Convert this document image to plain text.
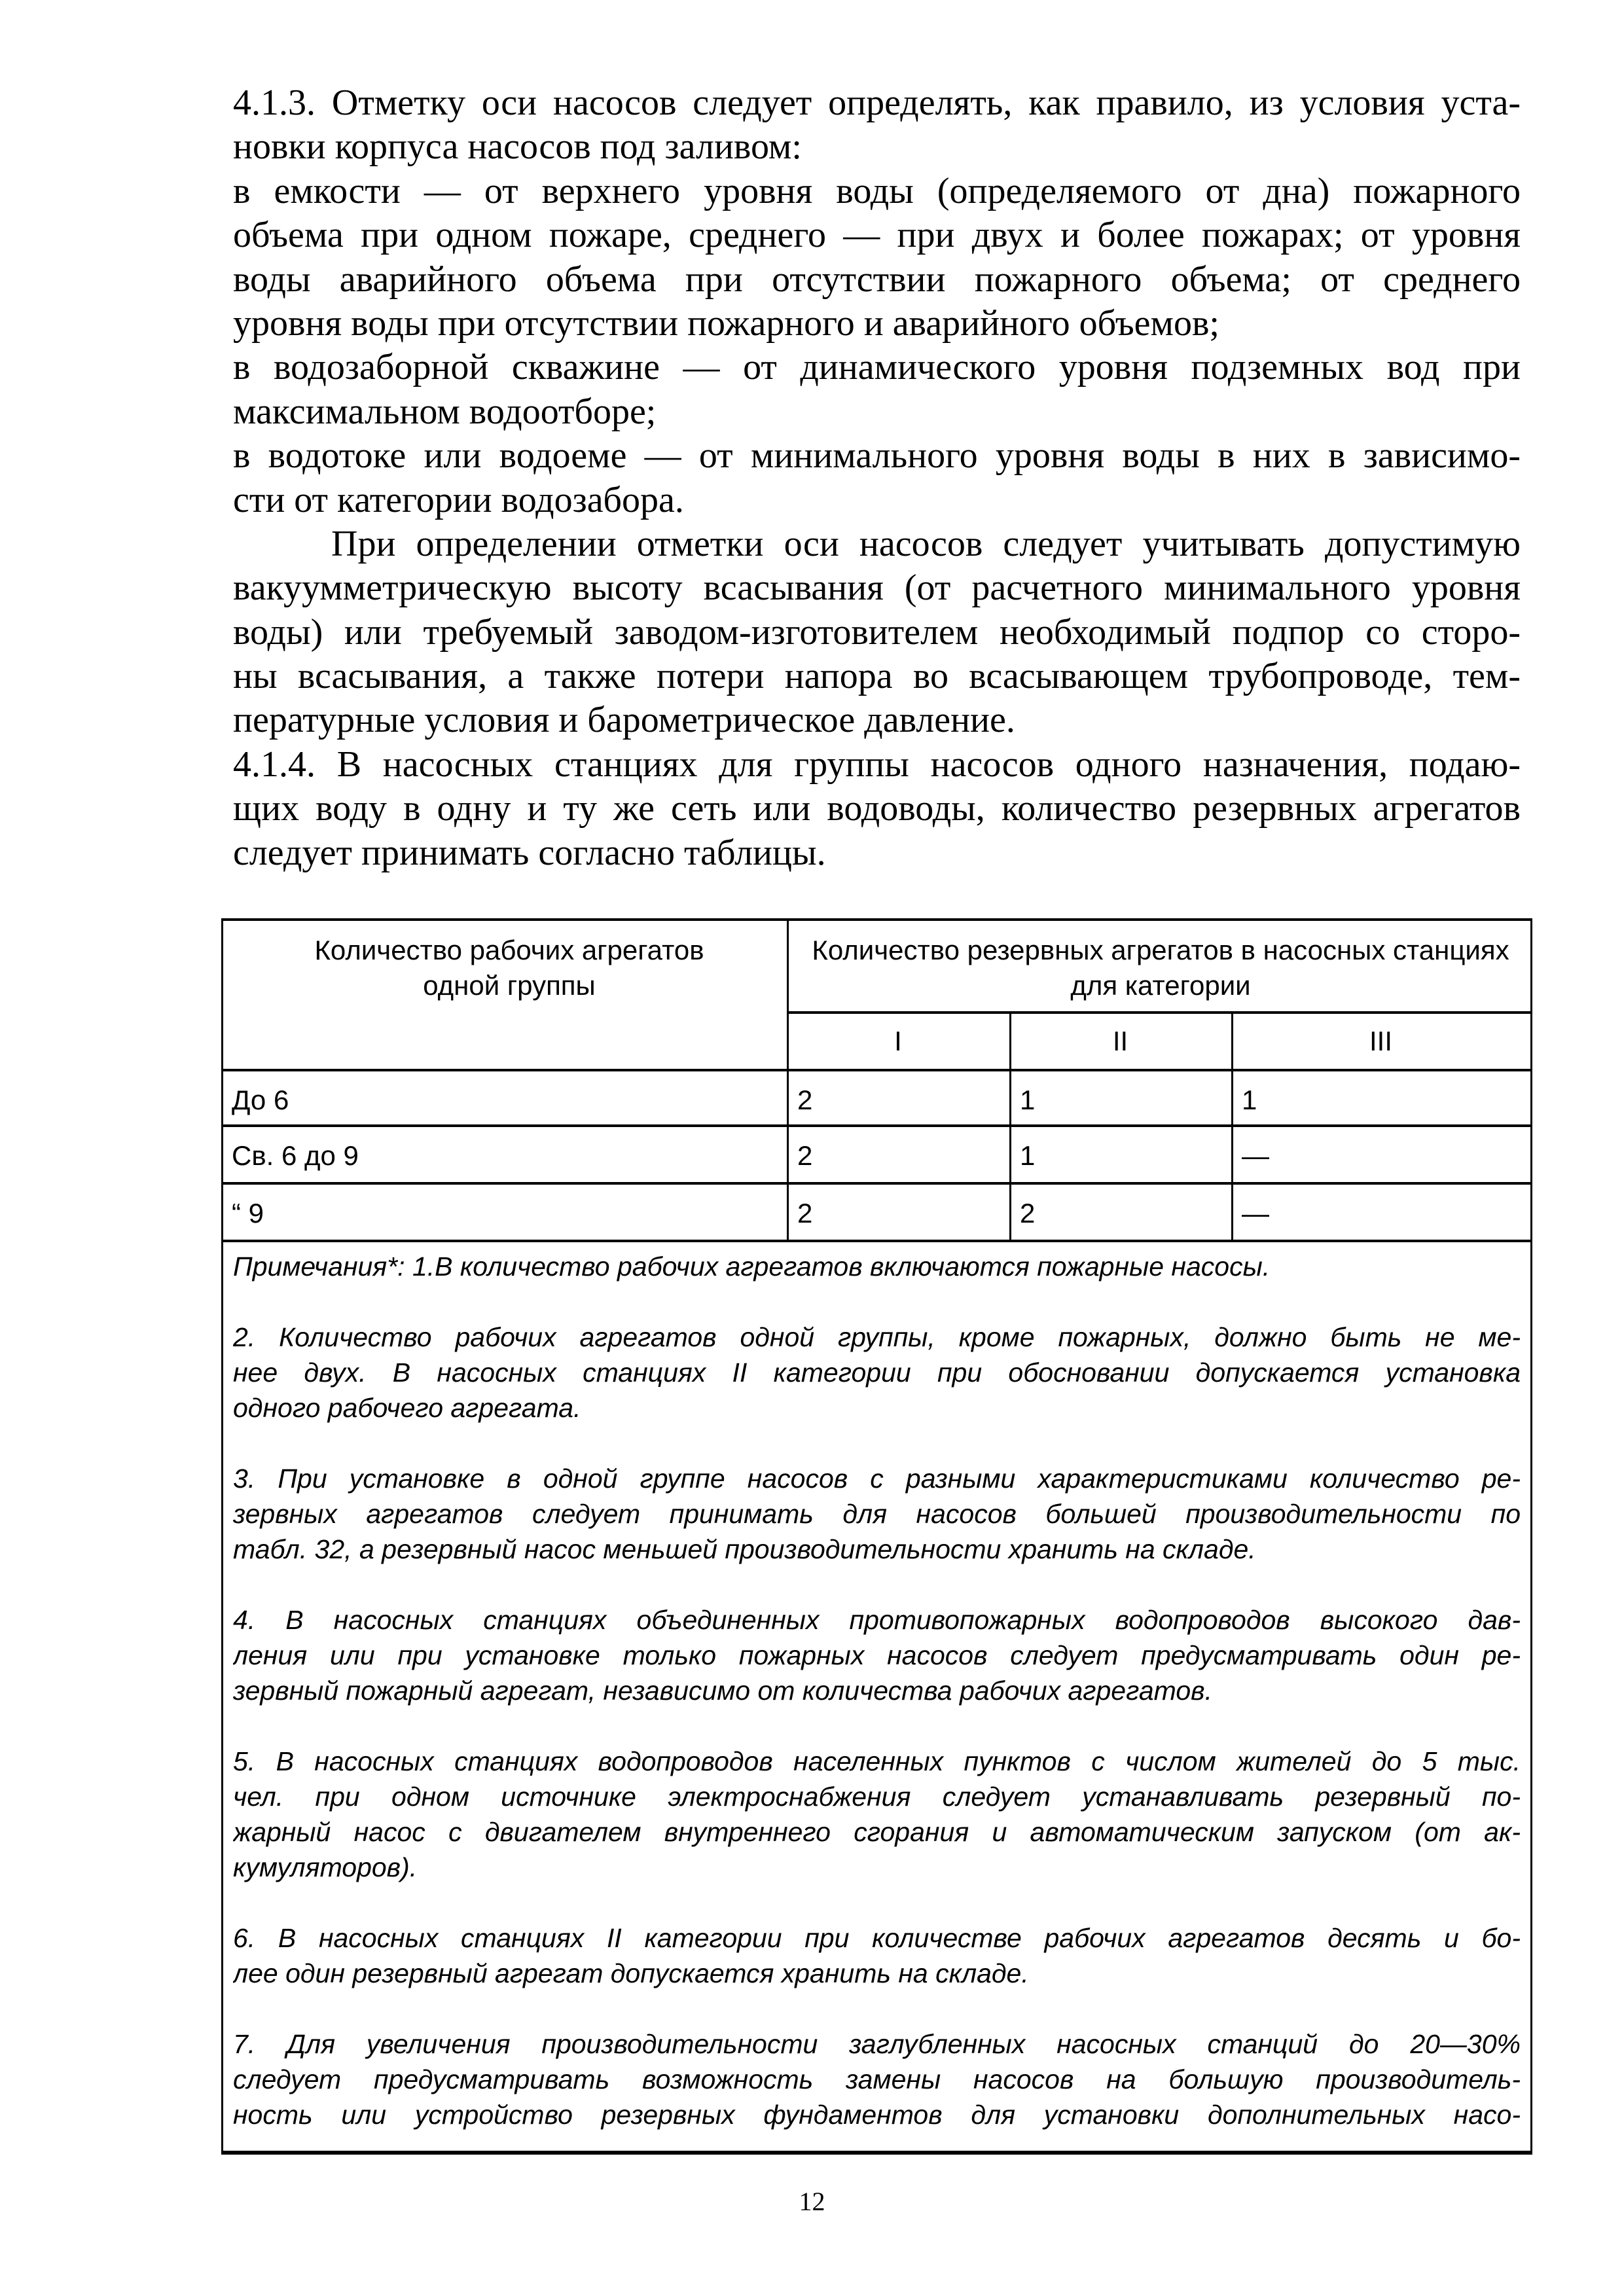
4.1.3. Отметку оси насосов следует определять, как правило, из условия уста-
новки корпуса насосов под заливом:
в емкости — от верхнего уровня воды (определяемого от дна) пожарного
объема при одном пожаре, среднего — при двух и более пожарах; от уровня
воды аварийного объема при отсутствии пожарного объема; от среднего
уровня воды при отсутствии пожарного и аварийного объемов;
в водозаборной скважине — от динамического уровня подземных вод при
максимальном водоотборе;
в водотоке или водоеме — от минимального уровня воды в них в зависимо-
сти от категории водозабора.
При определении отметки оси насосов следует учитывать допустимую
вакуумметрическую высоту всасывания (от расчетного минимального уровня
воды) или требуемый заводом-изготовителем необходимый подпор со сторо-
ны всасывания, а также потери напора во всасывающем трубопроводе, тем-
пературные условия и барометрическое давление.
4.1.4. В насосных станциях для группы насосов одного назначения, подаю-
щих воду в одну и ту же сеть или водоводы, количество резервных агрегатов
следует принимать согласно таблицы.
Количество рабочих агрегатов одной группы
Количество резервных агрегатов в насосных станциях для категории
I	II	III
До 6	2	1	1
Св. 6 до 9	2	1	—
“ 9	2	2	—
Примечания*: 1.В количество рабочих агрегатов включаются пожарные насосы.
2. Количество рабочих агрегатов одной группы, кроме пожарных, должно быть не ме-
нее двух. В насосных станциях II категории при обосновании допускается установка
одного рабочего агрегата.
3. При установке в одной группе насосов с разными характеристиками количество ре-
зервных агрегатов следует принимать для насосов большей производительности по
табл. 32, а резервный насос меньшей производительности хранить на складе.
4. В насосных станциях объединенных противопожарных водопроводов высокого дав-
ления или при установке только пожарных насосов следует предусматривать один ре-
зервный пожарный агрегат, независимо от количества рабочих агрегатов.
5. В насосных станциях водопроводов населенных пунктов с числом жителей до 5 тыс.
чел. при одном источнике электроснабжения следует устанавливать резервный по-
жарный насос с двигателем внутреннего сгорания и автоматическим запуском (от ак-
кумуляторов).
6. В насосных станциях II категории при количестве рабочих агрегатов десять и бо-
лее один резервный агрегат допускается хранить на складе.
7. Для увеличения производительности заглубленных насосных станций до 20—30%
следует предусматривать возможность замены насосов на большую производитель-
ность или устройство резервных фундаментов для установки дополнительных насо-
12
